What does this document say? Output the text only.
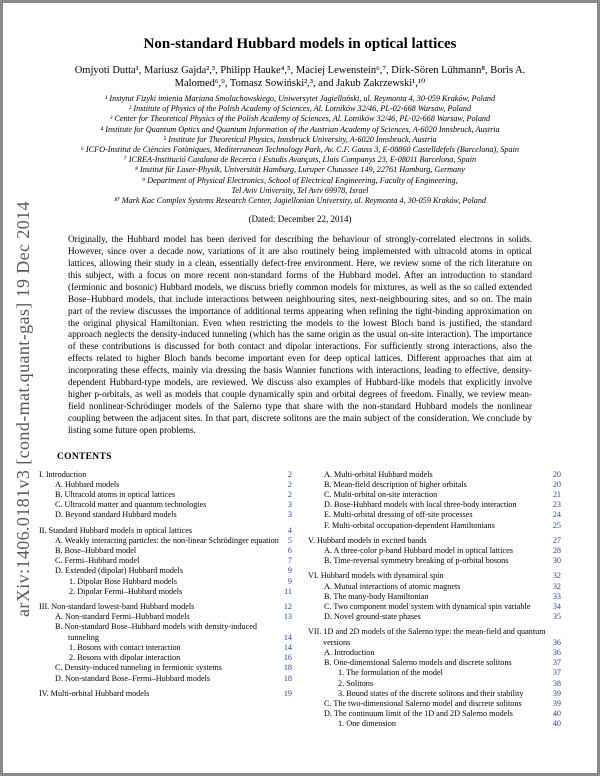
arXiv:1406.0181v3 [cond-mat.quant-gas] 19 Dec 2014
Non-standard Hubbard models in optical lattices
Omjyoti Dutta¹, Mariusz Gajda²,³, Philipp Hauke⁴,⁵, Maciej Lewenstein⁶,⁷, Dirk-Sören Lühmann⁸, Boris A.
Malomed⁶,⁹, Tomasz Sowiński²,³, and Jakub Zakrzewski¹,¹⁰
¹ Instytut Fizyki imienia Mariana Smoluchowskiego, Uniwersytet Jagielloński, ul. Reymonta 4, 30-059 Kraków, Poland
² Institute of Physics of the Polish Academy of Sciences, Al. Lotników 32/46, PL-02-668 Warsaw, Poland
³ Center for Theoretical Physics of the Polish Academy of Sciences, Al. Lotników 32/46, PL-02-668 Warsaw, Poland
⁴ Institute for Quantum Optics and Quantum Information of the Austrian Academy of Sciences, A-6020 Innsbruck, Austria
⁵ Institute for Theoretical Physics, Innsbruck University, A-6020 Innsbruck, Austria
⁶ ICFO-Institut de Ciències Fotòniques, Mediterranean Technology Park, Av. C.F. Gauss 3, E-08860 Castelldefels (Barcelona), Spain
⁷ ICREA-Institució Catalana de Recerca i Estudis Avançats, Lluis Companys 23, E-08011 Barcelona, Spain
⁸ Institut für Laser-Physik, Universität Hamburg, Luruper Chaussee 149, 22761 Hamburg, Germany
⁹ Department of Physical Electronics, School of Electrical Engineering, Faculty of Engineering,
Tel Aviv University, Tel Aviv 69978, Israel
¹⁰ Mark Kac Complex Systems Research Center, Jagiellonian University, ul. Reymonta 4, 30-059 Kraków, Poland
(Dated: December 22, 2014)
Originally, the Hubbard model has been derived for describing the behaviour of strongly-correlated electrons in solids. However, since over a decade now, variations of it are also routinely being implemented with ultracold atoms in optical lattices, allowing their study in a clean, essentially defect-free environment. Here, we review some of the rich literature on this subject, with a focus on more recent non-standard forms of the Hubbard model. After an introduction to standard (fermionic and bosonic) Hubbard models, we discuss briefly common models for mixtures, as well as the so called extended Bose–Hubbard models, that include interactions between neighbouring sites, next-neighbouring sites, and so on. The main part of the review discusses the importance of additional terms appearing when refining the tight-binding approximation on the original physical Hamiltonian. Even when restricting the models to the lowest Bloch band is justified, the standard approach neglects the density-induced tunneling (which has the same origin as the usual on-site interaction). The importance of these contributions is discussed for both contact and dipolar interactions. For sufficiently strong interactions, also the effects related to higher Bloch bands become important even for deep optical lattices. Different approaches that aim at incorporating these effects, mainly via dressing the basis Wannier functions with interactions, leading to effective, density-dependent Hubbard-type models, are reviewed. We discuss also examples of Hubbard-like models that explicitly involve higher p-orbitals, as well as models that couple dynamically spin and orbital degrees of freedom. Finally, we review mean-field nonlinear-Schrödinger models of the Salerno type that share with the non-standard Hubbard models the nonlinear coupling between the adjacent sites. In that part, discrete solitons are the main subject of the consideration. We conclude by listing some future open problems.
CONTENTS
I. Introduction	2
A. Hubbard models	2
B. Ultracold atoms in optical lattices	2
C. Ultracold matter and quantum technologies	3
D. Beyond standard Hubbard models	3
II. Standard Hubbard models in optical lattices	4
A. Weakly interacting particles: the non-linear Schrödinger equation	5
B. Bose–Hubbard model	6
C. Fermi–Hubbard model	7
D. Extended (dipolar) Hubbard models	9
1. Dipolar Bose Hubbard models	9
2. Dipolar Fermi–Hubbard models	11
III. Non-standard lowest-band Hubbard models	12
A. Non-standard Fermi–Hubbard models	13
B. Non-standard Bose–Hubbard models with density-induced tunneling	14
1. Bosons with contact interaction	14
2. Bosons with dipolar interaction	16
C. Density-induced tunneling in fermionic systems	18
D. Non-standard Bose–Fermi–Hubbard models	18
IV. Multi-orbital Hubbard models	19
A. Multi-orbital Hubbard models	20
B. Mean-field description of higher orbitals	20
C. Multi-orbital on-site interaction	21
D. Bose-Hubbard models with local three-body interaction	23
E. Multi-orbital dressing of off-site processes	24
F. Multi-orbital occupation-dependent Hamiltonians	25
V. Hubbard models in excited bands	27
A. A three-color p-band Hubbard model in optical lattices	28
B. Time-reversal symmetry breaking of p-orbital bosons	30
VI. Hubbard models with dynamical spin	32
A. Mutual interactions of atomic magnets	32
B. The many-body Hamiltonian	33
C. Two component model system with dynamical spin variable	34
D. Novel ground-state phases	35
VII. 1D and 2D models of the Salerno type: the mean-field and quantum versions	36
A. Introduction	36
B. One-dimensional Salerno models and discrete solitons	37
1. The formulation of the model	37
2. Solitons	38
3. Bound states of the discrete solitons and their stability	39
C. The two-dimensional Salerno model and discrete solitons	39
D. The continuum limit of the 1D and 2D Salerno models	40
1. One dimension	40
